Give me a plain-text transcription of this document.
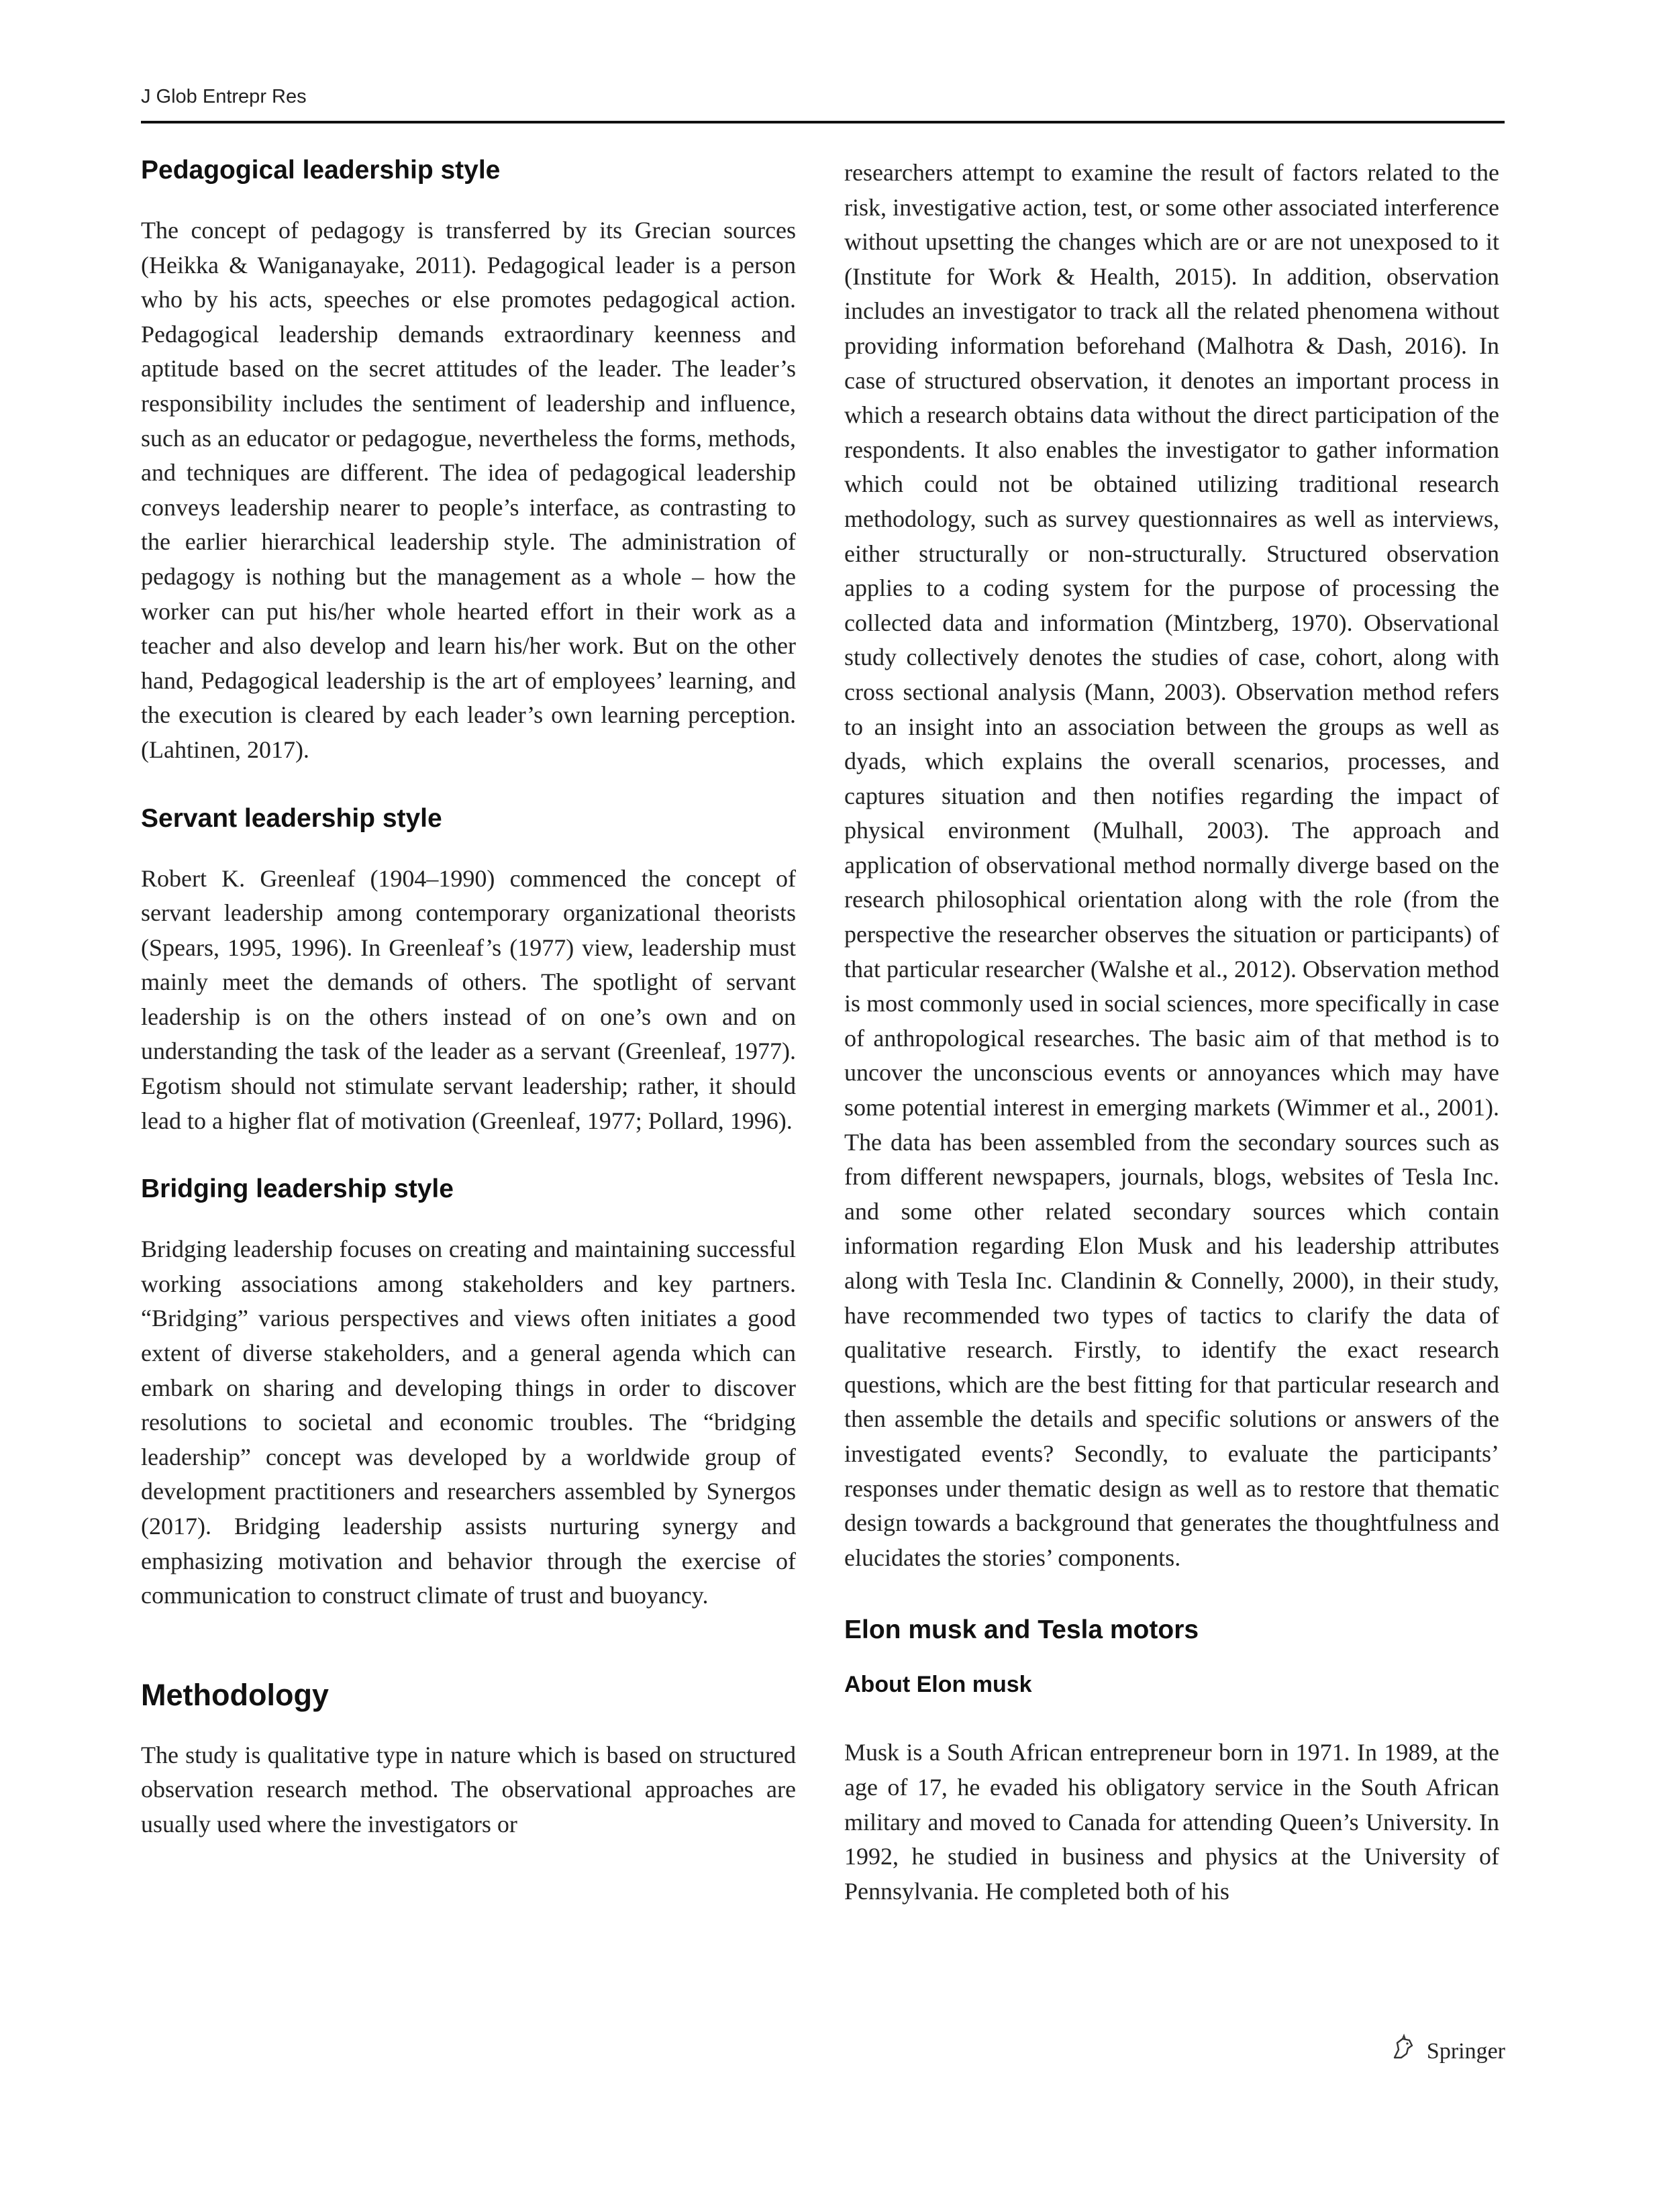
J Glob Entrepr Res
Pedagogical leadership style

The concept of pedagogy is transferred by its Grecian sources (Heikka & Waniganayake, 2011). Pedagogical leader is a person who by his acts, speeches or else promotes pedagogical action. Pedagogical leadership demands extraordinary keenness and aptitude based on the secret attitudes of the leader. The leader’s responsibility includes the sentiment of leadership and influence, such as an educator or pedagogue, nevertheless the forms, methods, and techniques are different. The idea of pedagogical leadership conveys leadership nearer to people’s interface, as contrasting to the earlier hierarchical leadership style. The administration of pedagogy is nothing but the management as a whole – how the worker can put his/her whole hearted effort in their work as a teacher and also develop and learn his/her work. But on the other hand, Pedagogical leadership is the art of employees’ learning, and the execution is cleared by each leader’s own learning perception. (Lahtinen, 2017).

Servant leadership style

Robert K. Greenleaf (1904–1990) commenced the concept of servant leadership among contemporary organizational theorists (Spears, 1995, 1996). In Greenleaf’s (1977) view, leadership must mainly meet the demands of others. The spotlight of servant leadership is on the others instead of on one’s own and on understanding the task of the leader as a servant (Greenleaf, 1977). Egotism should not stimulate servant leadership; rather, it should lead to a higher flat of motivation (Greenleaf, 1977; Pollard, 1996).

Bridging leadership style

Bridging leadership focuses on creating and maintaining successful working associations among stakeholders and key partners. “Bridging” various perspectives and views often initiates a good extent of diverse stakeholders, and a general agenda which can embark on sharing and developing things in order to discover resolutions to societal and economic troubles. The “bridging leadership” concept was developed by a worldwide group of development practitioners and researchers assembled by Synergos (2017). Bridging leadership assists nurturing synergy and emphasizing motivation and behavior through the exercise of communication to construct climate of trust and buoyancy.

Methodology

The study is qualitative type in nature which is based on structured observation research method. The observational approaches are usually used where the investigators or

researchers attempt to examine the result of factors related to the risk, investigative action, test, or some other associated interference without upsetting the changes which are or are not unexposed to it (Institute for Work & Health, 2015). In addition, observation includes an investigator to track all the related phenomena without providing information beforehand (Malhotra & Dash, 2016). In case of structured observation, it denotes an important process in which a research obtains data without the direct participation of the respondents. It also enables the investigator to gather information which could not be obtained utilizing traditional research methodology, such as survey questionnaires as well as interviews, either structurally or non-structurally. Structured observation applies to a coding system for the purpose of processing the collected data and information (Mintzberg, 1970). Observational study collectively denotes the studies of case, cohort, along with cross sectional analysis (Mann, 2003). Observation method refers to an insight into an association between the groups as well as dyads, which explains the overall scenarios, processes, and captures situation and then notifies regarding the impact of physical environment (Mulhall, 2003). The approach and application of observational method normally diverge based on the research philosophical orientation along with the role (from the perspective the researcher observes the situation or participants) of that particular researcher (Walshe et al., 2012). Observation method is most commonly used in social sciences, more specifically in case of anthropological researches. The basic aim of that method is to uncover the unconscious events or annoyances which may have some potential interest in emerging markets (Wimmer et al., 2001). The data has been assembled from the secondary sources such as from different newspapers, journals, blogs, websites of Tesla Inc. and some other related secondary sources which contain information regarding Elon Musk and his leadership attributes along with Tesla Inc. Clandinin & Connelly, 2000), in their study, have recommended two types of tactics to clarify the data of qualitative research. Firstly, to identify the exact research questions, which are the best fitting for that particular research and then assemble the details and specific solutions or answers of the investigated events? Secondly, to evaluate the participants’ responses under thematic design as well as to restore that thematic design towards a background that generates the thoughtfulness and elucidates the stories’ components.

Elon musk and Tesla motors
About Elon musk

Musk is a South African entrepreneur born in 1971. In 1989, at the age of 17, he evaded his obligatory service in the South African military and moved to Canada for attending Queen’s University. In 1992, he studied in business and physics at the University of Pennsylvania. He completed both of his

Springer
